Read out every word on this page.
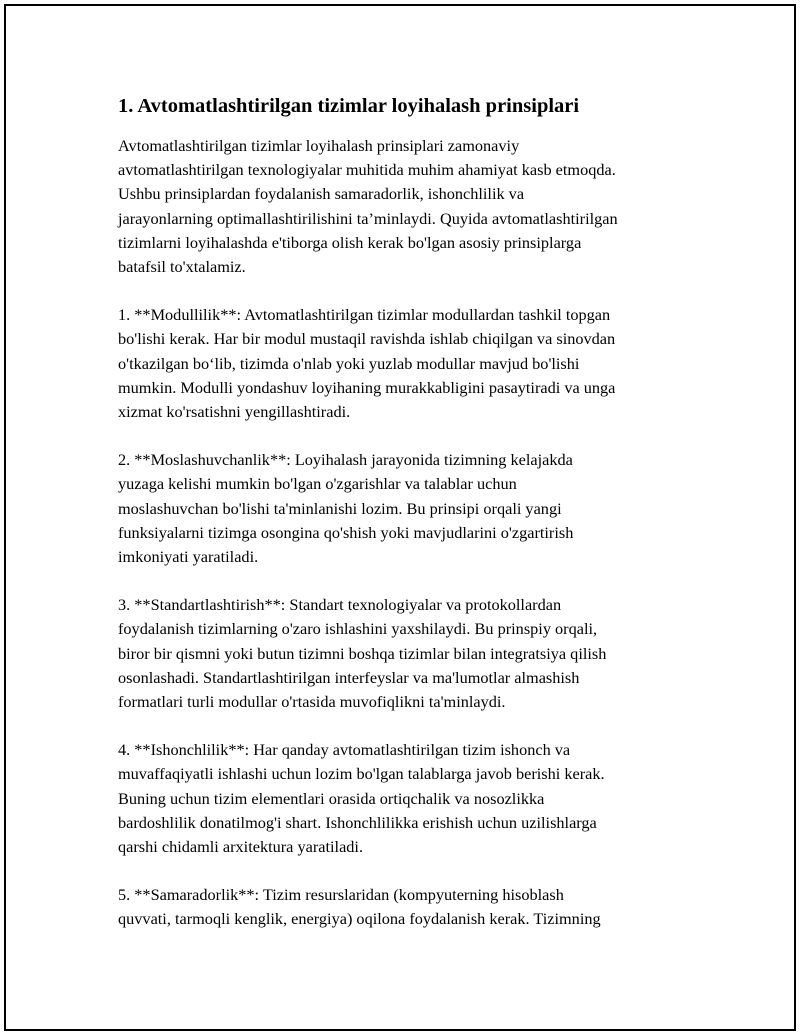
1. Avtomatlashtirilgan tizimlar loyihalash prinsiplari

Avtomatlashtirilgan tizimlar loyihalash prinsiplari zamonaviy
avtomatlashtirilgan texnologiyalar muhitida muhim ahamiyat kasb etmoqda.
Ushbu prinsiplardan foydalanish samaradorlik, ishonchlilik va
jarayonlarning optimallashtirilishini ta’minlaydi. Quyida avtomatlashtirilgan
tizimlarni loyihalashda e'tiborga olish kerak bo'lgan asosiy prinsiplarga
batafsil to'xtalamiz.

1. **Modullilik**: Avtomatlashtirilgan tizimlar modullardan tashkil topgan
bo'lishi kerak. Har bir modul mustaqil ravishda ishlab chiqilgan va sinovdan
o'tkazilgan bo‘lib, tizimda o'nlab yoki yuzlab modullar mavjud bo'lishi
mumkin. Modulli yondashuv loyihaning murakkabligini pasaytiradi va unga
xizmat ko'rsatishni yengillashtiradi.

2. **Moslashuvchanlik**: Loyihalash jarayonida tizimning kelajakda
yuzaga kelishi mumkin bo'lgan o'zgarishlar va talablar uchun
moslashuvchan bo'lishi ta'minlanishi lozim. Bu prinsipi orqali yangi
funksiyalarni tizimga osongina qo'shish yoki mavjudlarini o'zgartirish
imkoniyati yaratiladi.

3. **Standartlashtirish**: Standart texnologiyalar va protokollardan
foydalanish tizimlarning o'zaro ishlashini yaxshilaydi. Bu prinspiy orqali,
biror bir qismni yoki butun tizimni boshqa tizimlar bilan integratsiya qilish
osonlashadi. Standartlashtirilgan interfeyslar va ma'lumotlar almashish
formatlari turli modullar o'rtasida muvofiqlikni ta'minlaydi.

4. **Ishonchlilik**: Har qanday avtomatlashtirilgan tizim ishonch va
muvaffaqiyatli ishlashi uchun lozim bo'lgan talablarga javob berishi kerak.
Buning uchun tizim elementlari orasida ortiqchalik va nosozlikka
bardoshlilik donatilmog'i shart. Ishonchlilikka erishish uchun uzilishlarga
qarshi chidamli arxitektura yaratiladi.

5. **Samaradorlik**: Tizim resurslaridan (kompyuterning hisoblash
quvvati, tarmoqli kenglik, energiya) oqilona foydalanish kerak. Tizimning
